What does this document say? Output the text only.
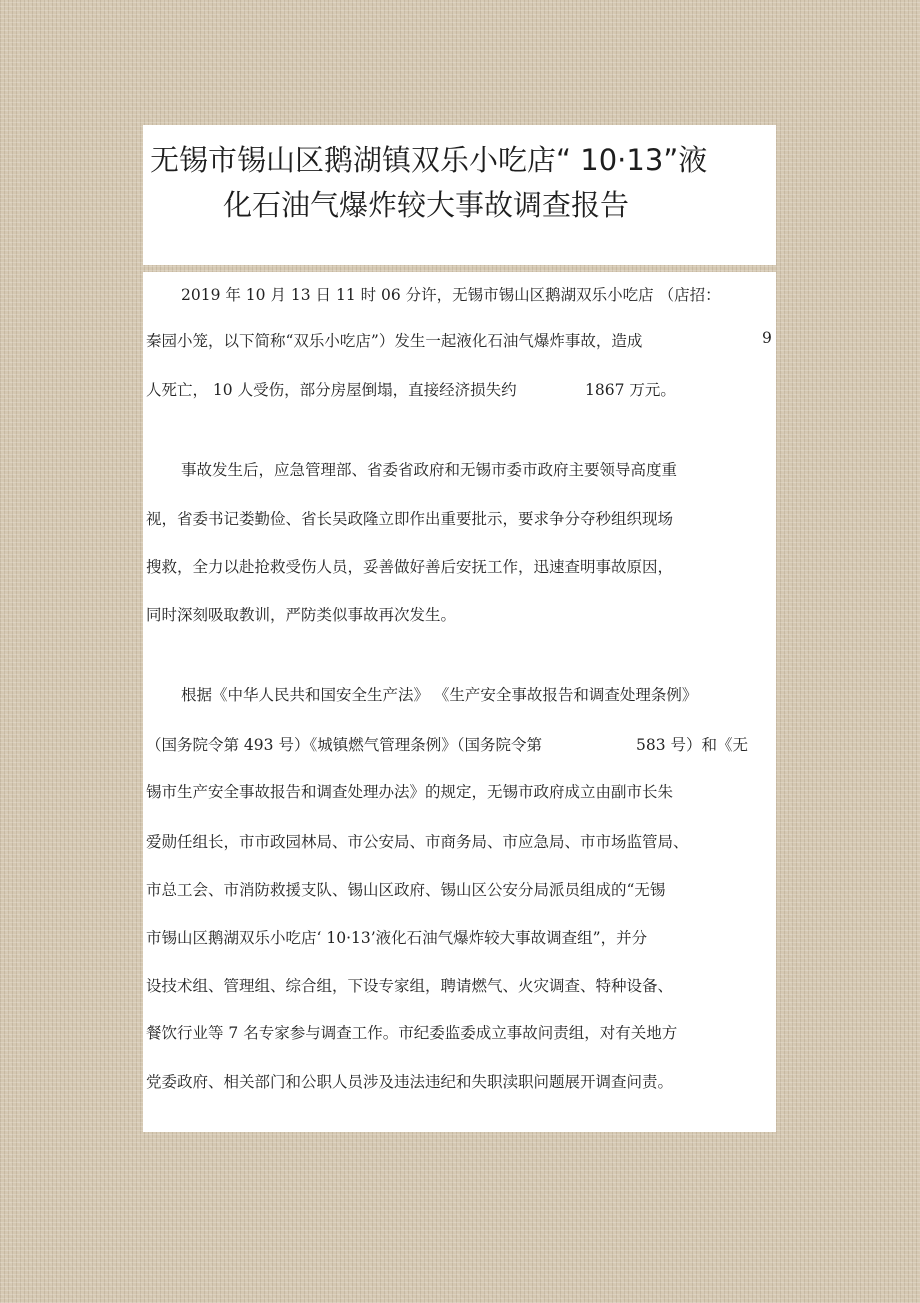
无锡市锡山区鹅湖镇双乐小吃店“ 10·13”液
化石油气爆炸较大事故调查报告
2019 年 10 月 13 日 11 时 06 分许，无锡市锡山区鹅湖双乐小吃店 （店招：
秦园小笼，以下简称“双乐小吃店”）发生一起液化石油气爆炸事故，造成	9
人死亡， 10 人受伤，部分房屋倒塌，直接经济损失约	1867 万元。
事故发生后，应急管理部、省委省政府和无锡市委市政府主要领导高度重
视，省委书记娄勤俭、省长吴政隆立即作出重要批示，要求争分夺秒组织现场
搜救，全力以赴抢救受伤人员，妥善做好善后安抚工作，迅速查明事故原因，
同时深刻吸取教训，严防类似事故再次发生。
根据《中华人民共和国安全生产法》 《生产安全事故报告和调查处理条例》
（国务院令第 493 号）《城镇燃气管理条例》（国务院令第	583 号）和《无
锡市生产安全事故报告和调查处理办法》的规定，无锡市政府成立由副市长朱
爱勋任组长，市市政园林局、市公安局、市商务局、市应急局、市市场监管局、
市总工会、市消防救援支队、锡山区政府、锡山区公安分局派员组成的“无锡
市锡山区鹅湖双乐小吃店‘ 10·13’液化石油气爆炸较大事故调查组”，并分
设技术组、管理组、综合组，下设专家组，聘请燃气、火灾调查、特种设备、
餐饮行业等 7 名专家参与调查工作。市纪委监委成立事故问责组，对有关地方
党委政府、相关部门和公职人员涉及违法违纪和失职渎职问题展开调查问责。
